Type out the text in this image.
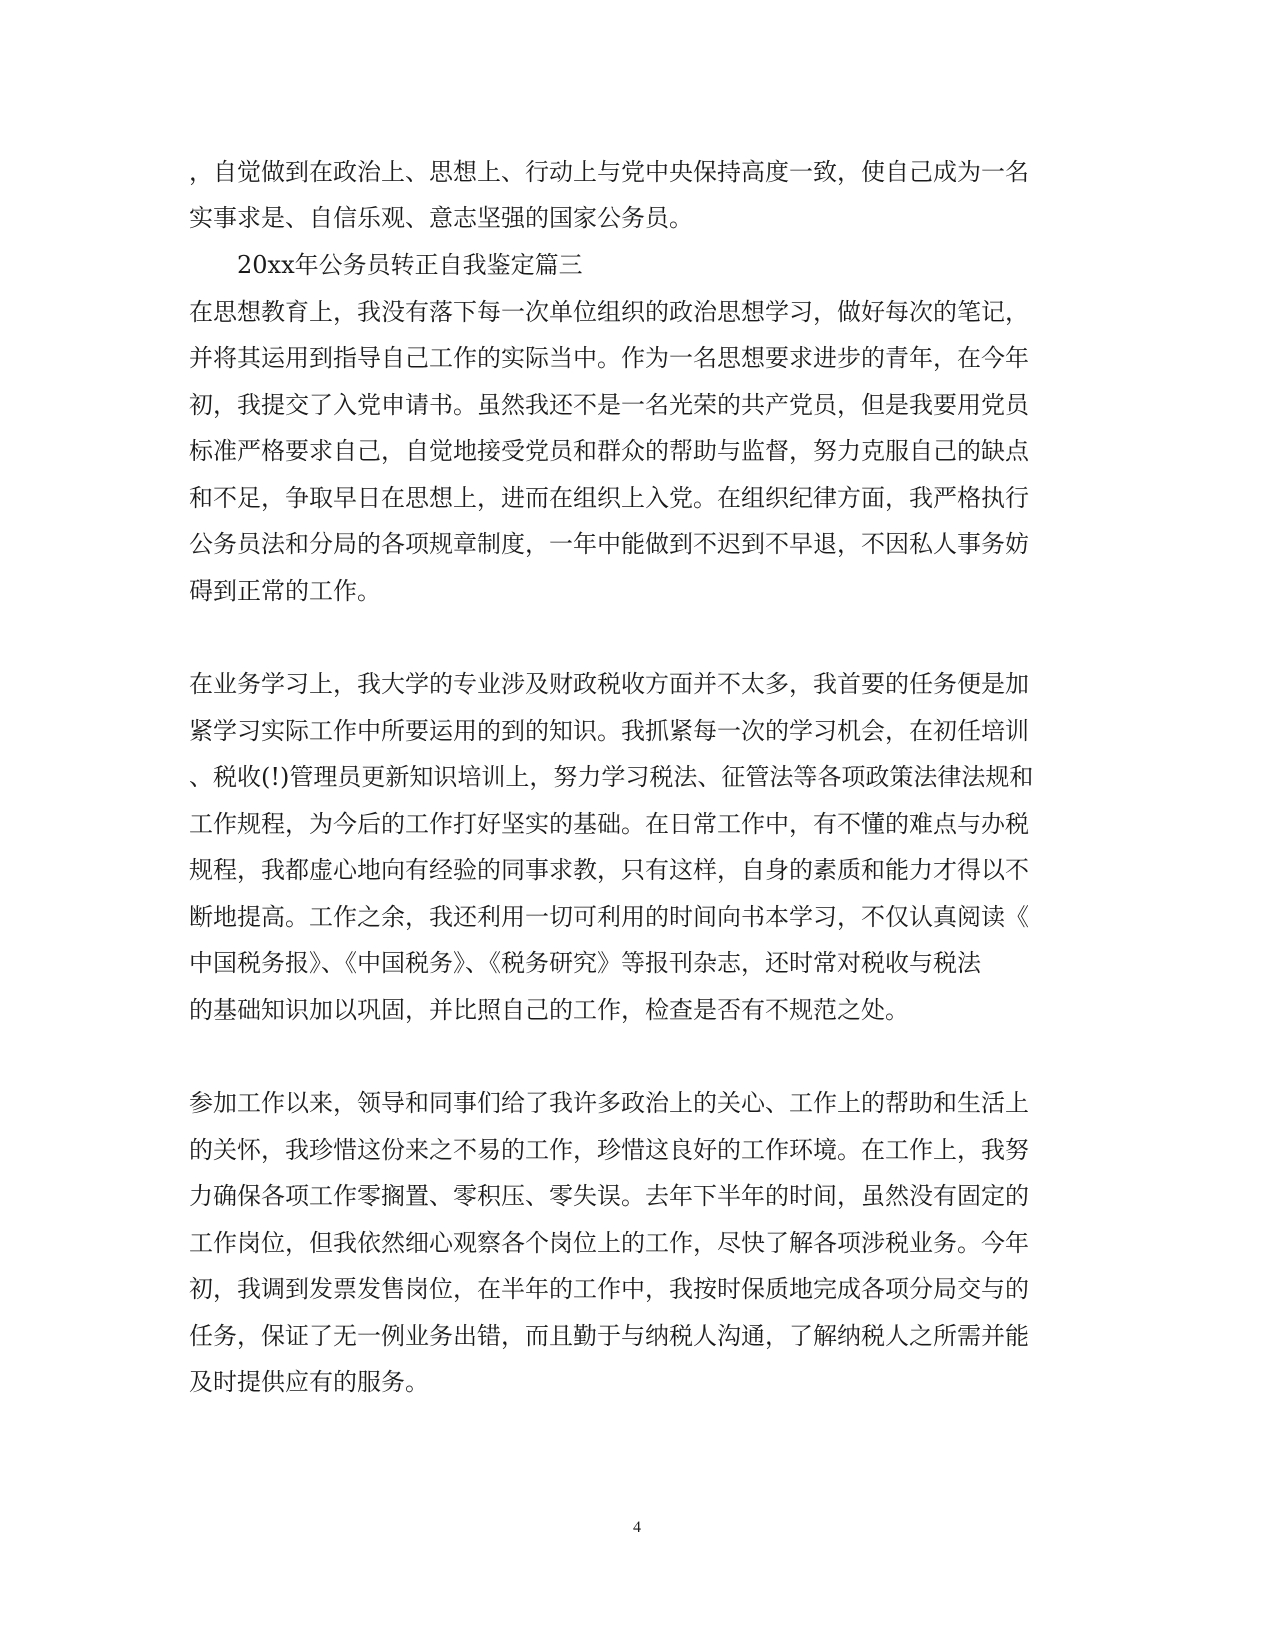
，自觉做到在政治上、思想上、行动上与党中央保持高度一致，使自己成为一名
实事求是、自信乐观、意志坚强的国家公务员。
20xx年公务员转正自我鉴定篇三
在思想教育上，我没有落下每一次单位组织的政治思想学习，做好每次的笔记，
并将其运用到指导自己工作的实际当中。作为一名思想要求进步的青年，在今年
初，我提交了入党申请书。虽然我还不是一名光荣的共产党员，但是我要用党员
标准严格要求自己，自觉地接受党员和群众的帮助与监督，努力克服自己的缺点
和不足，争取早日在思想上，进而在组织上入党。在组织纪律方面，我严格执行
公务员法和分局的各项规章制度，一年中能做到不迟到不早退，不因私人事务妨
碍到正常的工作。
在业务学习上，我大学的专业涉及财政税收方面并不太多，我首要的任务便是加
紧学习实际工作中所要运用的到的知识。我抓紧每一次的学习机会，在初任培训
、税收(!)管理员更新知识培训上，努力学习税法、征管法等各项政策法律法规和
工作规程，为今后的工作打好坚实的基础。在日常工作中，有不懂的难点与办税
规程，我都虚心地向有经验的同事求教，只有这样，自身的素质和能力才得以不
断地提高。工作之余，我还利用一切可利用的时间向书本学习，不仅认真阅读《
中国税务报》、《中国税务》、《税务研究》等报刊杂志，还时常对税收与税法
的基础知识加以巩固，并比照自己的工作，检查是否有不规范之处。
参加工作以来，领导和同事们给了我许多政治上的关心、工作上的帮助和生活上
的关怀，我珍惜这份来之不易的工作，珍惜这良好的工作环境。在工作上，我努
力确保各项工作零搁置、零积压、零失误。去年下半年的时间，虽然没有固定的
工作岗位，但我依然细心观察各个岗位上的工作，尽快了解各项涉税业务。今年
初，我调到发票发售岗位，在半年的工作中，我按时保质地完成各项分局交与的
任务，保证了无一例业务出错，而且勤于与纳税人沟通，了解纳税人之所需并能
及时提供应有的服务。
4
